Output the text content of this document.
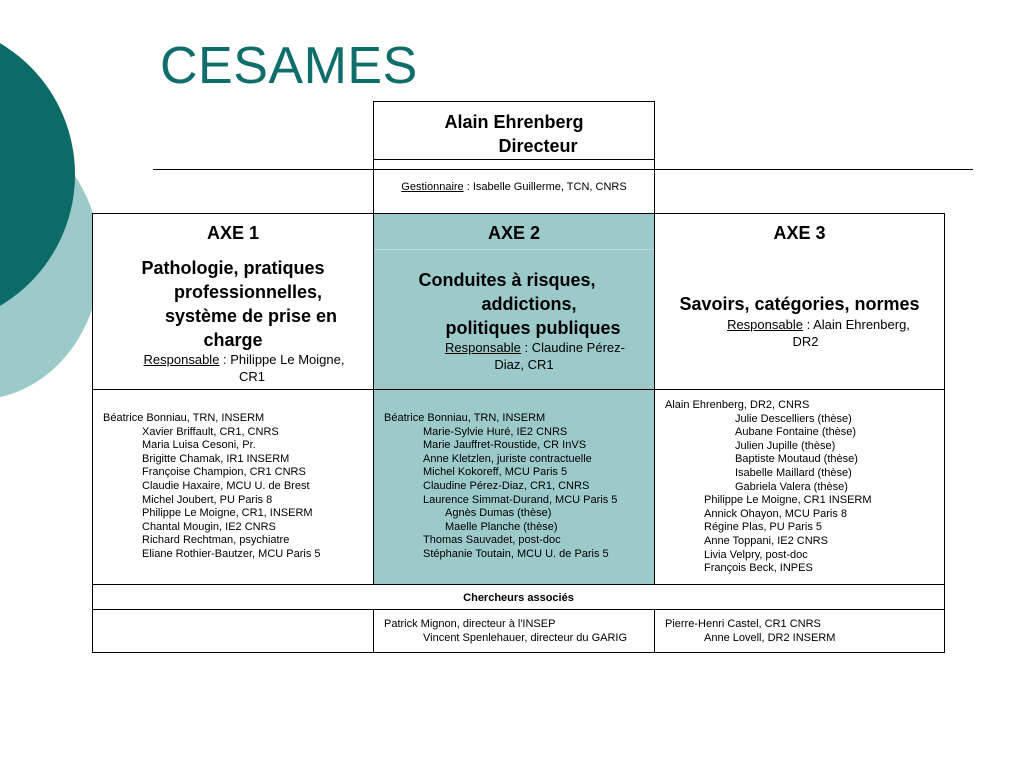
CESAMES
Alain Ehrenberg
Directeur
Gestionnaire : Isabelle Guillerme, TCN, CNRS
AXE 1
Pathologie, pratiques
professionnelles,
système de prise en
charge
Responsable : Philippe Le Moigne,
CR1
AXE 2
Conduites à risques,
addictions,
politiques publiques
Responsable : Claudine Pérez-
Diaz, CR1
AXE 3
Savoirs, catégories, normes
Responsable : Alain Ehrenberg,
DR2
Béatrice Bonniau, TRN, INSERM
Xavier Briffault, CR1, CNRS
Maria Luisa Cesoni, Pr.
Brigitte Chamak, IR1 INSERM
Françoise Champion, CR1 CNRS
Claudie Haxaire, MCU U. de Brest
Michel Joubert, PU Paris 8
Philippe Le Moigne, CR1, INSERM
Chantal Mougin, IE2 CNRS
Richard Rechtman, psychiatre
Eliane Rothier-Bautzer, MCU Paris 5
Béatrice Bonniau, TRN, INSERM
Marie-Sylvie Huré, IE2 CNRS
Marie Jauffret-Roustide, CR InVS
Anne Kletzlen, juriste contractuelle
Michel Kokoreff, MCU Paris 5
Claudine Pérez-Diaz, CR1, CNRS
Laurence Simmat-Durand, MCU Paris 5
Agnès Dumas (thèse)
Maelle Planche (thèse)
Thomas Sauvadet, post-doc
Stéphanie Toutain, MCU U. de Paris 5
Alain Ehrenberg, DR2, CNRS
Julie Descelliers (thèse)
Aubane Fontaine (thèse)
Julien Jupille (thèse)
Baptiste Moutaud (thèse)
Isabelle Maillard (thèse)
Gabriela Valera (thèse)
Philippe Le Moigne, CR1 INSERM
Annick Ohayon, MCU Paris 8
Régine Plas, PU Paris 5
Anne Toppani, IE2 CNRS
Livia Velpry, post-doc
François Beck, INPES
Chercheurs associés
Patrick Mignon, directeur à l'INSEP
Vincent Spenlehauer, directeur du GARIG
Pierre-Henri Castel, CR1 CNRS
Anne Lovell, DR2 INSERM
